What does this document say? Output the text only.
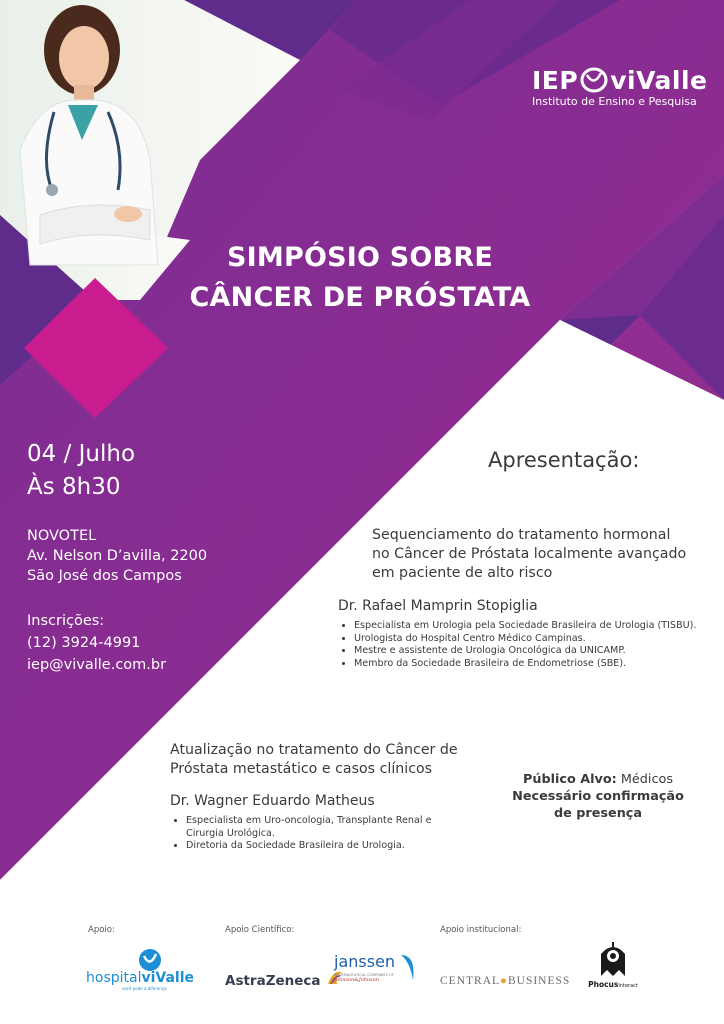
IEP viValle
Instituto de Ensino e Pesquisa
SIMPÓSIO SOBRE
CÂNCER DE PRÓSTATA
04 / Julho
Às 8h30
NOVOTEL
Av. Nelson D’avilla, 2200
São José dos Campos
Inscrições:
(12) 3924-4991
iep@vivalle.com.br
Apresentação:
Sequenciamento do tratamento hormonal
no Câncer de Próstata localmente avançado
em paciente de alto risco
Dr. Rafael Mamprin Stopiglia
• Especialista em Urologia pela Sociedade Brasileira de Urologia (TISBU).
• Urologista do Hospital Centro Médico Campinas.
• Mestre e assistente de Urologia Oncológica da UNICAMP.
• Membro da Sociedade Brasileira de Endometriose (SBE).
Atualização no tratamento do Câncer de
Próstata metastático e casos clínicos
Dr. Wagner Eduardo Matheus
• Especialista em Uro-oncologia, Transplante Renal e Cirurgia Urológica.
• Diretoria da Sociedade Brasileira de Urologia.
Público Alvo: Médicos
Necessário confirmação
de presença
Apoio:	Apoio Científico:	Apoio institucional:
hospitalviValle
você pode a diferença	AstraZeneca
janssen
PHARMACEUTICAL COMPANIES OF
Johnson&Johnson	CENTRAL●BUSINESS PhocusInteract
